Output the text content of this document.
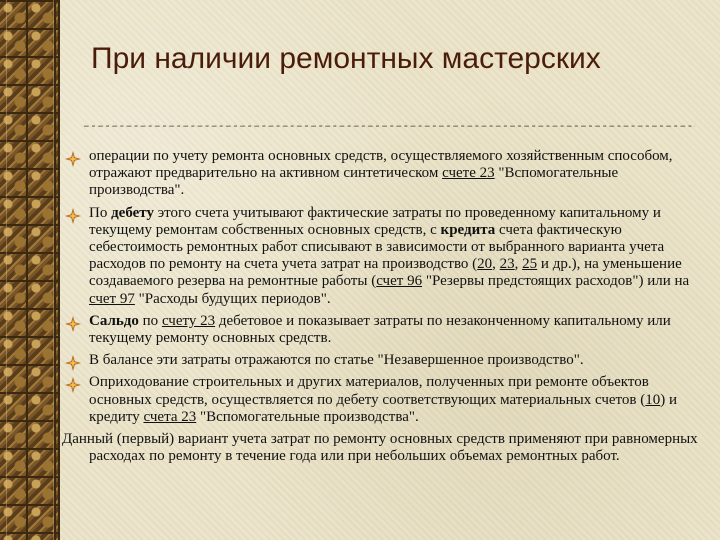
При наличии ремонтных мастерских
–-–-–
операции по учету ремонта основных средств, осуществляемого хозяйственным способом, отражают предварительно на активном синтетическом счете 23 "Вспомогательные производства".
По дебету этого счета учитывают фактические затраты по проведенному капитальному и текущему ремонтам собственных основных средств, с кредита счета фактическую себестоимость ремонтных работ списывают в зависимости от выбранного варианта учета расходов по ремонту на счета учета затрат на производство (20, 23, 25 и др.), на уменьшение создаваемого резерва на ремонтные работы (счет 96 "Резервы предстоящих расходов") или на счет 97 "Расходы будущих периодов".
Сальдо по счету 23 дебетовое и показывает затраты по незаконченному капитальному или текущему ремонту основных средств.
В балансе эти затраты отражаются по статье "Незавершенное производство".
Оприходование строительных и других материалов, полученных при ремонте объектов основных средств, осуществляется по дебету соответствующих материальных счетов (10) и кредиту счета 23 "Вспомогательные производства".
Данный (первый) вариант учета затрат по ремонту основных средств применяют при равномерных расходах по ремонту в течение года или при небольших объемах ремонтных работ.
